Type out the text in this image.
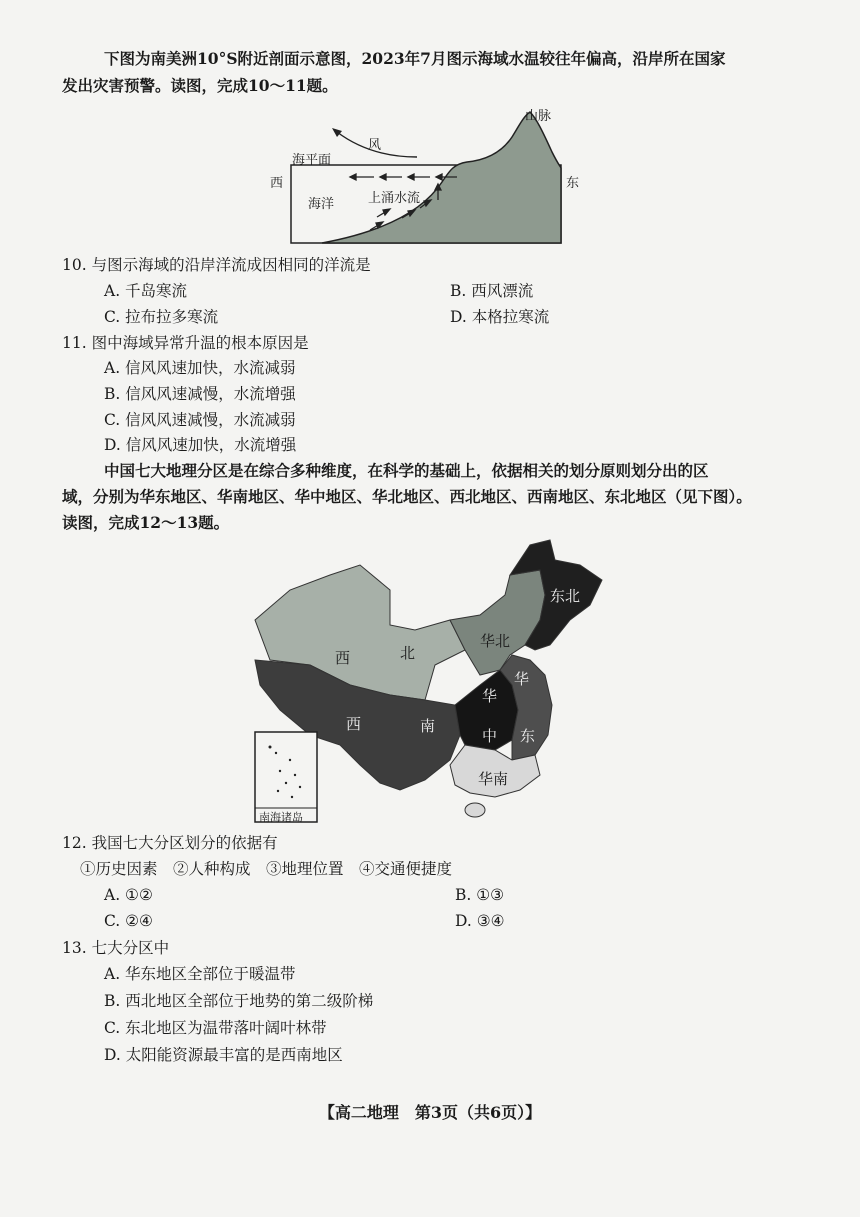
下图为南美洲10°S附近剖面示意图，2023年7月图示海域水温较往年偏高，沿岸所在国家
发出灾害预警。读图，完成10～11题。
山脉
风
海平面
西	东
海洋	上涌水流
10. 与图示海域的沿岸洋流成因相同的洋流是
A. 千岛寒流	B. 西风漂流
C. 拉布拉多寒流	D. 本格拉寒流
11. 图中海域异常升温的根本原因是
A. 信风风速加快，水流减弱
B. 信风风速减慢，水流增强
C. 信风风速减慢，水流减弱
D. 信风风速加快，水流增强
中国七大地理分区是在综合多种维度，在科学的基础上，依据相关的划分原则划分出的区
域，分别为华东地区、华南地区、华中地区、华北地区、西北地区、西南地区、东北地区（见下图）。
读图，完成12～13题。
东北
华北
西	北
西	南
华
中
华
东
华南
南海诸岛
12. 我国七大分区划分的依据有
①历史因素　②人种构成　③地理位置　④交通便捷度
A. ①②	B. ①③
C. ②④	D. ③④
13. 七大分区中
A. 华东地区全部位于暖温带
B. 西北地区全部位于地势的第二级阶梯
C. 东北地区为温带落叶阔叶林带
D. 太阳能资源最丰富的是西南地区
【高二地理　第3页（共6页）】
